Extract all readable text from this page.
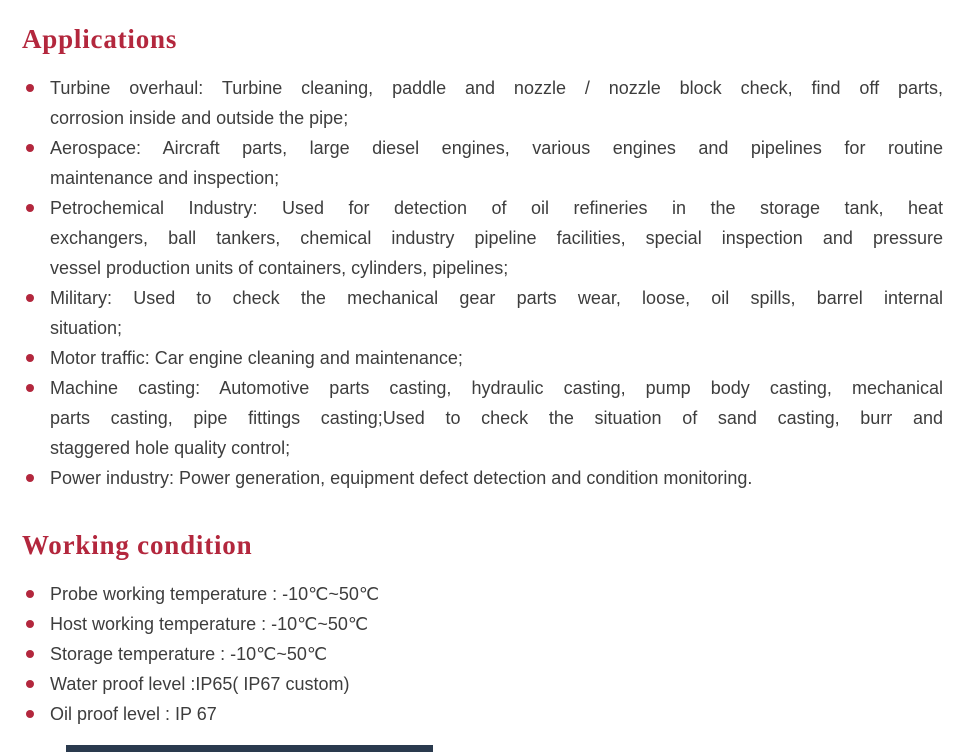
Applications
Turbine overhaul: Turbine cleaning, paddle and nozzle / nozzle block check, find off parts,
corrosion inside and outside the pipe;
Aerospace: Aircraft parts, large diesel engines, various engines and pipelines for routine
maintenance and inspection;
Petrochemical Industry: Used for detection of oil refineries in the storage tank, heat
exchangers, ball tankers, chemical industry pipeline facilities, special inspection and pressure
vessel production units of containers, cylinders, pipelines;
Military: Used to check the mechanical gear parts wear, loose, oil spills, barrel internal
situation;
Motor traffic: Car engine cleaning and maintenance;
Machine casting: Automotive parts casting, hydraulic casting, pump body casting, mechanical
parts casting, pipe fittings casting;Used to check the situation of sand casting, burr and
staggered hole quality control;
Power industry: Power generation, equipment defect detection and condition monitoring.
Working condition
Probe working temperature : -10℃~50℃
Host working temperature : -10℃~50℃
Storage temperature : -10℃~50℃
Water proof level :IP65( IP67 custom)
Oil proof level : IP 67
